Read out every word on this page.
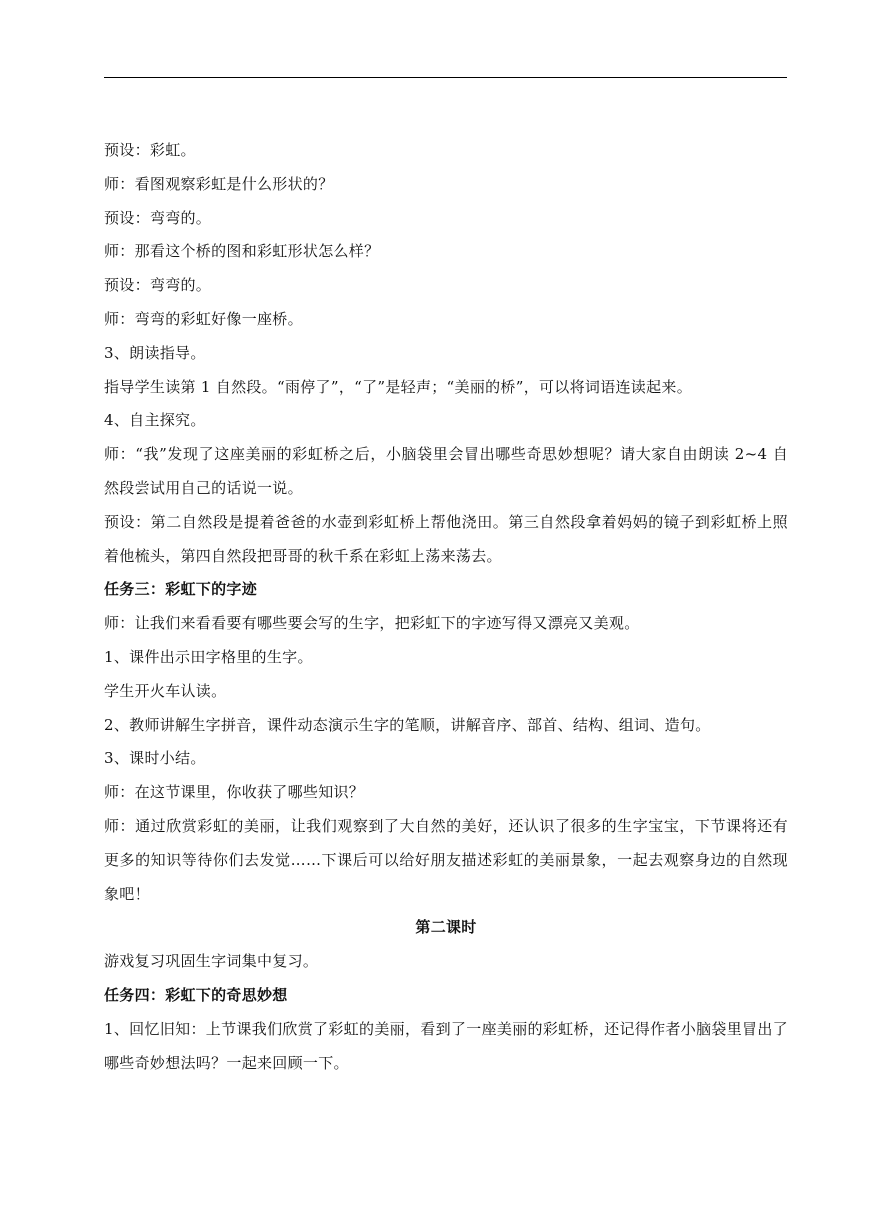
预设：彩虹。

师：看图观察彩虹是什么形状的？

预设：弯弯的。

师：那看这个桥的图和彩虹形状怎么样？

预设：弯弯的。

师：弯弯的彩虹好像一座桥。

3、朗读指导。

指导学生读第 1 自然段。“雨停了”，“了”是轻声；“美丽的桥”，可以将词语连读起来。

4、自主探究。

师：“我”发现了这座美丽的彩虹桥之后，小脑袋里会冒出哪些奇思妙想呢？请大家自由朗读 2~4 自然段尝试用自己的话说一说。

预设：第二自然段是提着爸爸的水壶到彩虹桥上帮他浇田。第三自然段拿着妈妈的镜子到彩虹桥上照着他梳头，第四自然段把哥哥的秋千系在彩虹上荡来荡去。

任务三：彩虹下的字迹

师：让我们来看看要有哪些要会写的生字，把彩虹下的字迹写得又漂亮又美观。

1、课件出示田字格里的生字。

学生开火车认读。

2、教师讲解生字拼音，课件动态演示生字的笔顺，讲解音序、部首、结构、组词、造句。

3、课时小结。

师：在这节课里，你收获了哪些知识？

师：通过欣赏彩虹的美丽，让我们观察到了大自然的美好，还认识了很多的生字宝宝，下节课将还有更多的知识等待你们去发觉……下课后可以给好朋友描述彩虹的美丽景象，一起去观察身边的自然现象吧！

第二课时

游戏复习巩固生字词集中复习。

任务四：彩虹下的奇思妙想

1、回忆旧知：上节课我们欣赏了彩虹的美丽，看到了一座美丽的彩虹桥，还记得作者小脑袋里冒出了哪些奇妙想法吗？一起来回顾一下。
